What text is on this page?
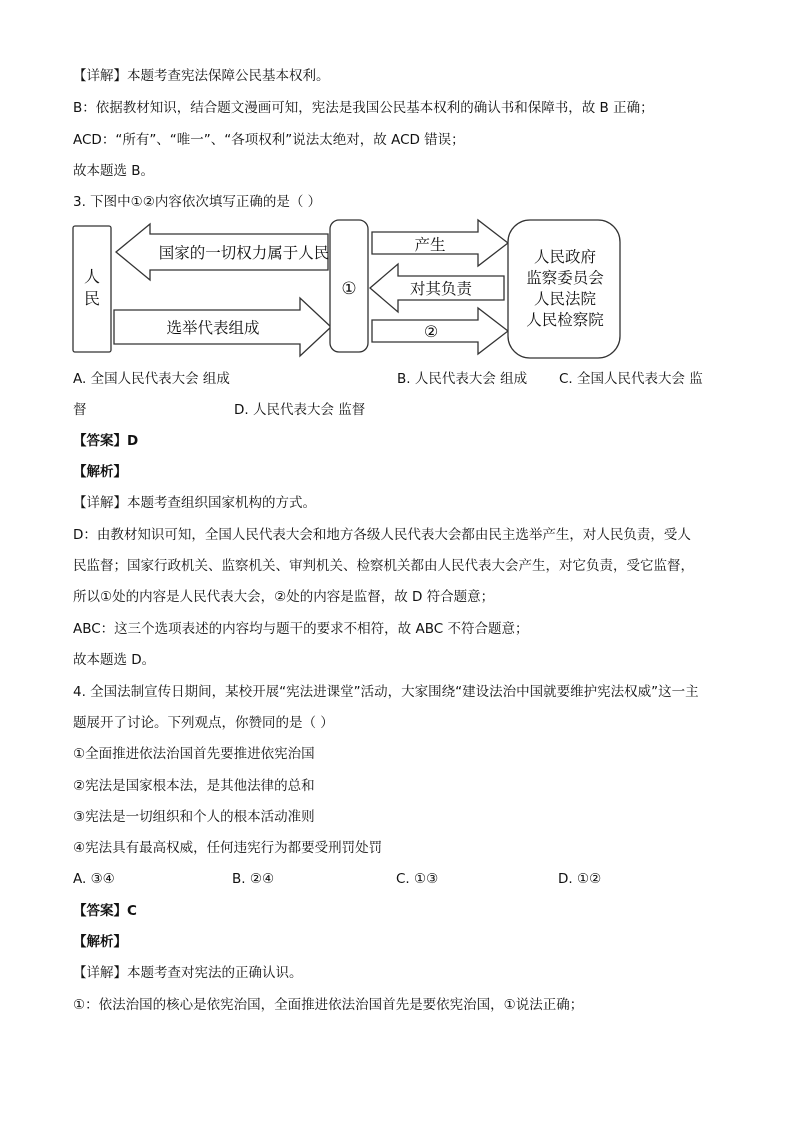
【详解】本题考查宪法保障公民基本权利。
B：依据教材知识，结合题文漫画可知，宪法是我国公民基本权利的确认书和保障书，故 B 正确；
ACD：“所有”、“唯一”、“各项权利”说法太绝对，故 ACD 错误；
故本题选 B。
3. 下图中①②内容依次填写正确的是（ ）
人
民
国家的一切权力属于人民
选举代表组成
①
产生
对其负责
②
人民政府
监察委员会
人民法院
人民检察院
A. 全国人民代表大会 组成	B. 人民代表大会 组成 C. 全国人民代表大会 监
督	D. 人民代表大会 监督
【答案】D
【解析】
【详解】本题考查组织国家机构的方式。
D：由教材知识可知，全国人民代表大会和地方各级人民代表大会都由民主选举产生，对人民负责，受人
民监督；国家行政机关、监察机关、审判机关、检察机关都由人民代表大会产生，对它负责，受它监督，
所以①处的内容是人民代表大会，②处的内容是监督，故 D 符合题意；
ABC：这三个选项表述的内容均与题干的要求不相符，故 ABC 不符合题意；
故本题选 D。
4. 全国法制宣传日期间，某校开展“宪法进课堂”活动，大家围绕“建设法治中国就要维护宪法权威”这一主
题展开了讨论。下列观点，你赞同的是（ ）
①全面推进依法治国首先要推进依宪治国
②宪法是国家根本法，是其他法律的总和
③宪法是一切组织和个人的根本活动准则
④宪法具有最高权威，任何违宪行为都要受刑罚处罚
A. ③④	B. ②④	C. ①③	D. ①②
【答案】C
【解析】
【详解】本题考查对宪法的正确认识。
①：依法治国的核心是依宪治国，全面推进依法治国首先是要依宪治国，①说法正确；
